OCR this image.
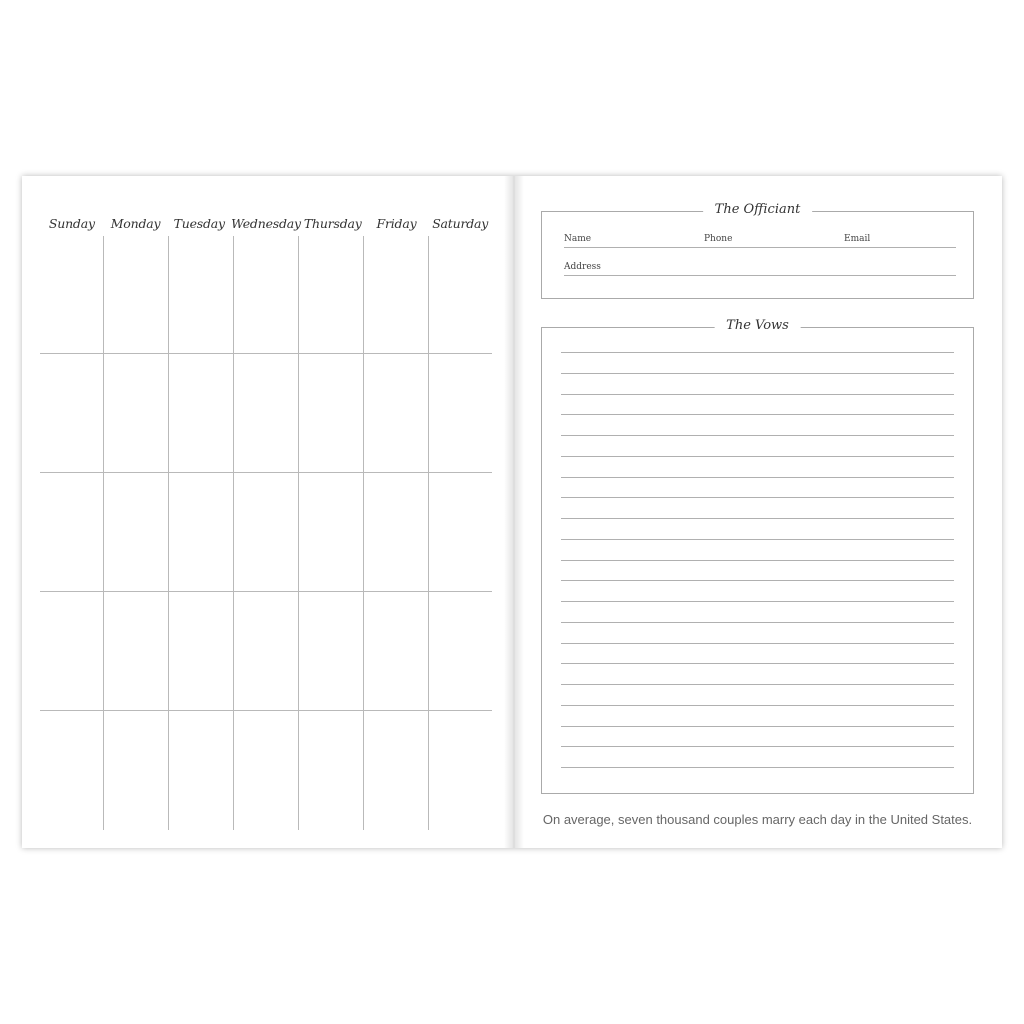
Sunday	Monday	Tuesday Wednesday Thursday	Friday	Saturday
The Officiant
Name	Phone	Email
Address
The Vows
On average, seven thousand couples marry each day in the United States.
